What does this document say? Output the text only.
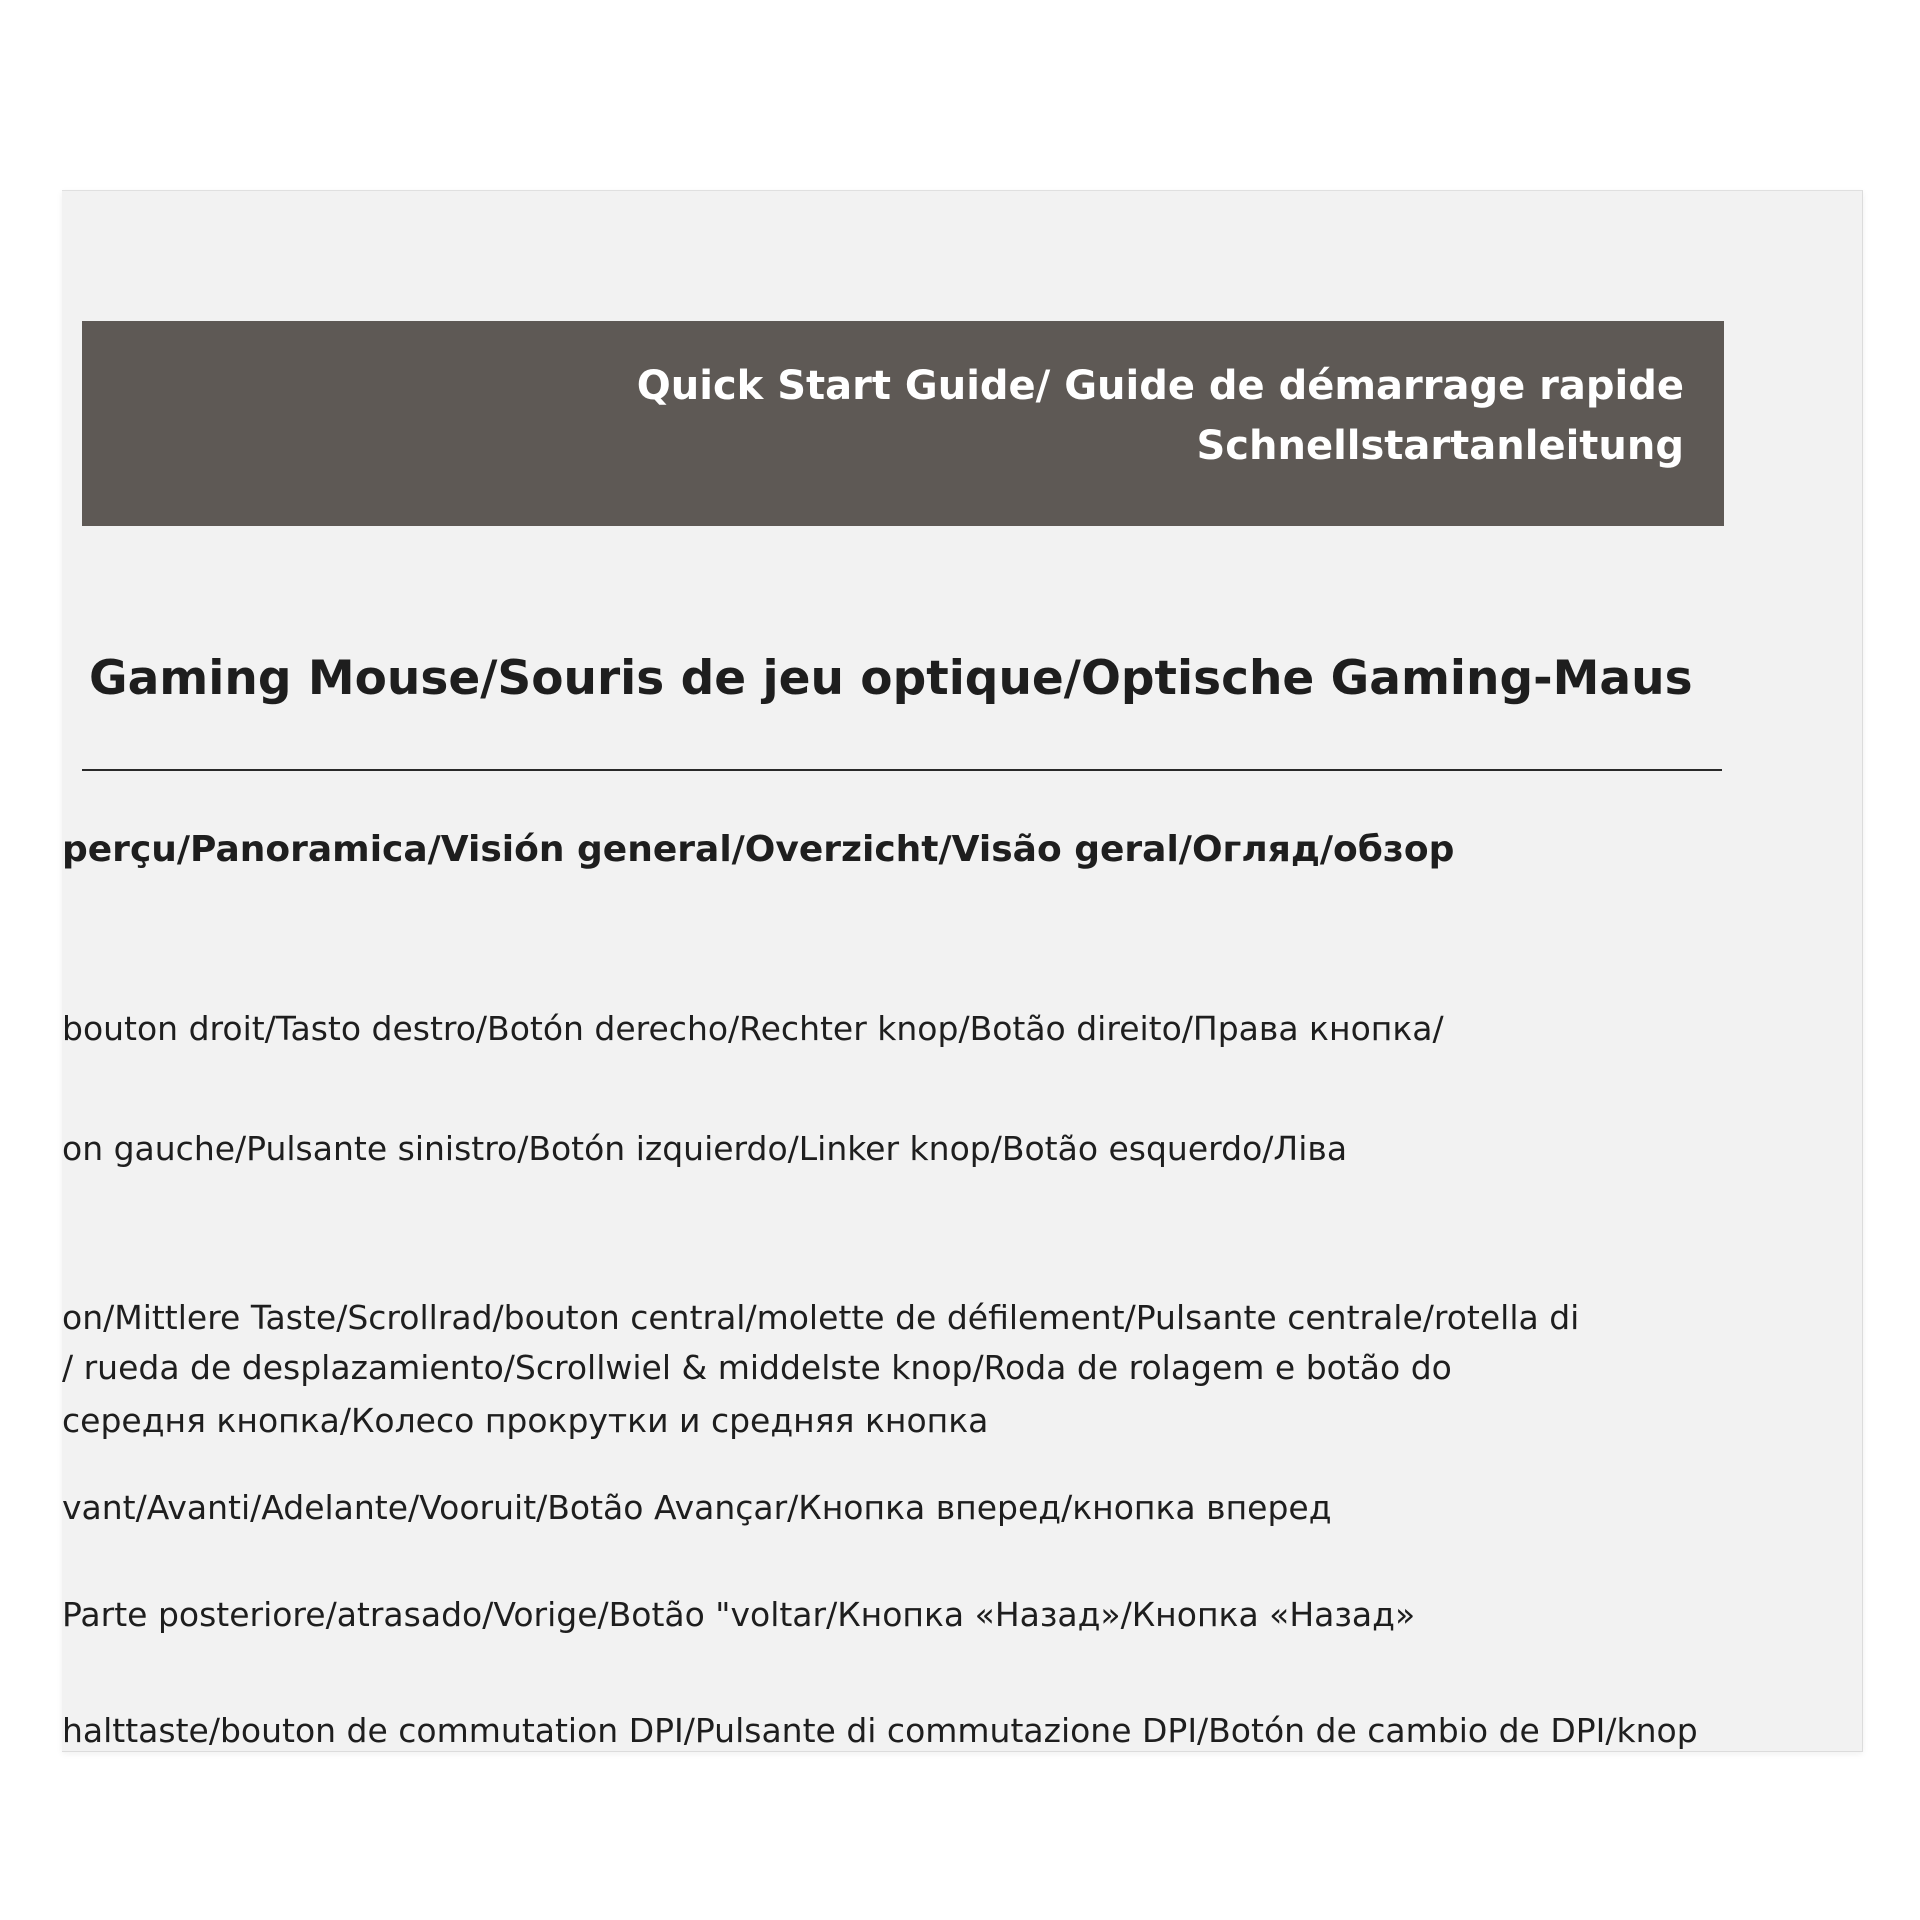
Quick Start Guide/ Guide de démarrage rapide
Schnellstartanleitung
Gaming Mouse/Souris de jeu optique/Optische Gaming-Maus
perçu/Panoramica/Visión general/Overzicht/Visão geral/Огляд/обзор
bouton droit/Tasto destro/Botón derecho/Rechter knop/Botão direito/Права кнопка/
on gauche/Pulsante sinistro/Botón izquierdo/Linker knop/Botão esquerdo/Ліва
on/Mittlere Taste/Scrollrad/bouton central/molette de défilement/Pulsante centrale/rotella di
/ rueda de desplazamiento/Scrollwiel & middelste knop/Roda de rolagem e botão do
середня кнопка/Колесо прокрутки и средняя кнопка
vant/Avanti/Adelante/Vooruit/Botão Avançar/Кнопка вперед/кнопка вперед
Parte posteriore/atrasado/Vorige/Botão "voltar/Кнопка «Назад»/Кнопка «Назад»
halttaste/bouton de commutation DPI/Pulsante di commutazione DPI/Botón de cambio de DPI/knop
